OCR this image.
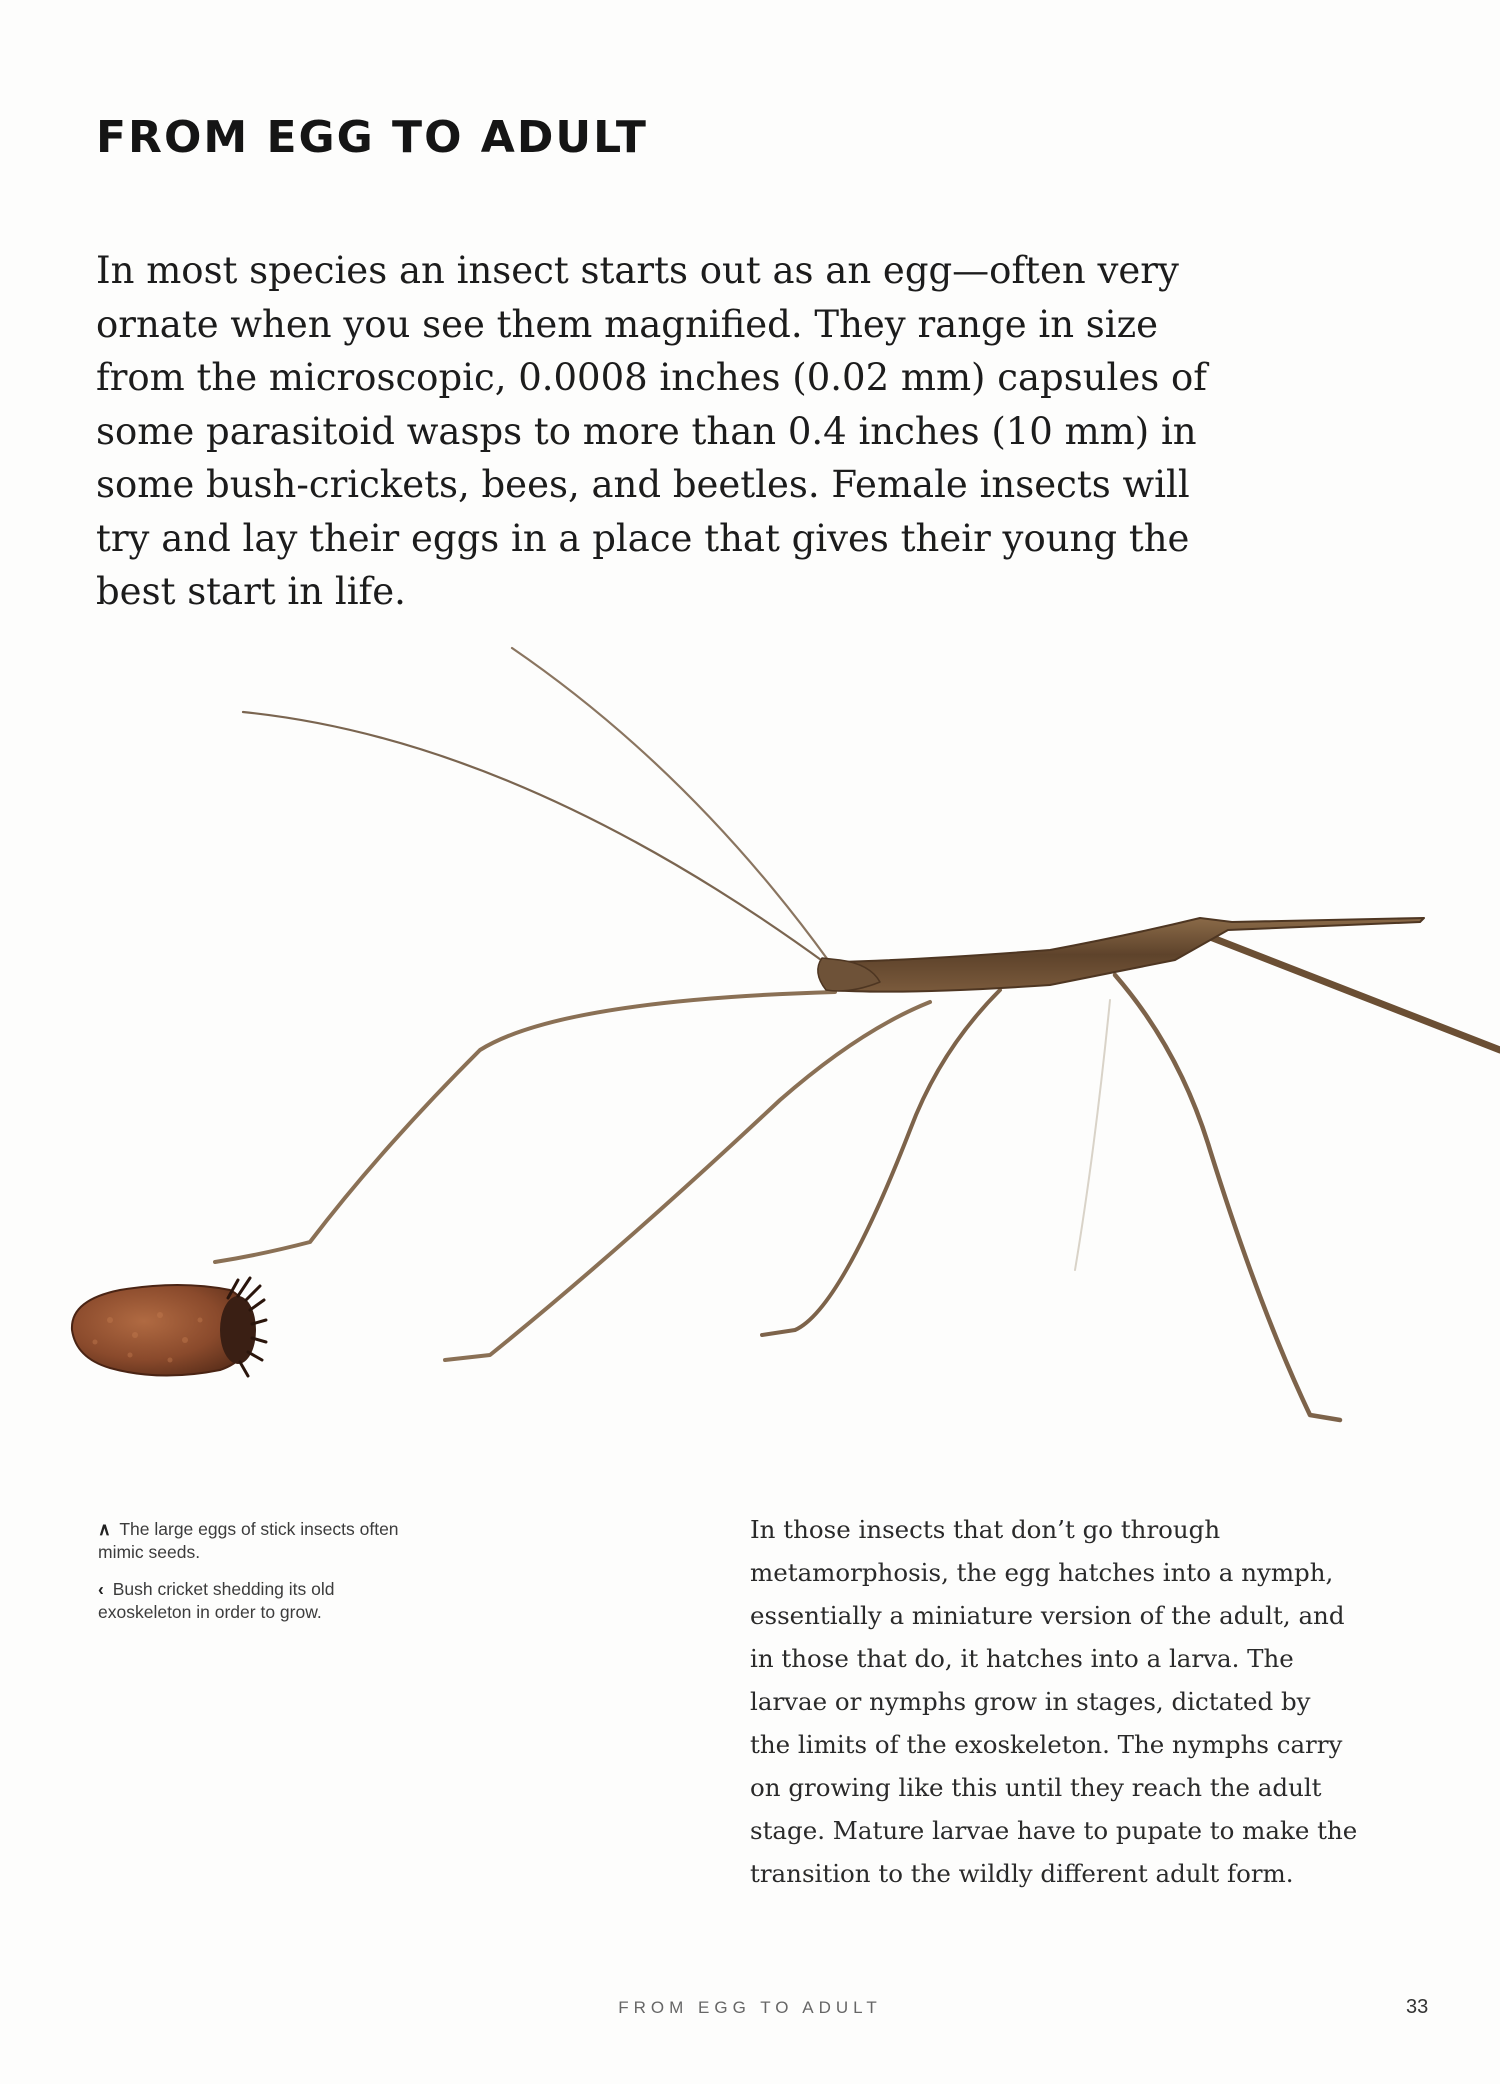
FROM EGG TO ADULT

In most species an insect starts out as an egg—often very
ornate when you see them magnified. They range in size
from the microscopic, 0.0008 inches (0.02 mm) capsules of
some parasitoid wasps to more than 0.4 inches (10 mm) in
some bush-crickets, bees, and beetles. Female insects will
try and lay their eggs in a place that gives their young the
best start in life.

∧ The large eggs of stick insects often mimic seeds.

‹ Bush cricket shedding its old exoskeleton in order to grow.

In those insects that don’t go through
metamorphosis, the egg hatches into a nymph,
essentially a miniature version of the adult, and
in those that do, it hatches into a larva. The
larvae or nymphs grow in stages, dictated by
the limits of the exoskeleton. The nymphs carry
on growing like this until they reach the adult
stage. Mature larvae have to pupate to make the
transition to the wildly different adult form.

FROM EGG TO ADULT	33
